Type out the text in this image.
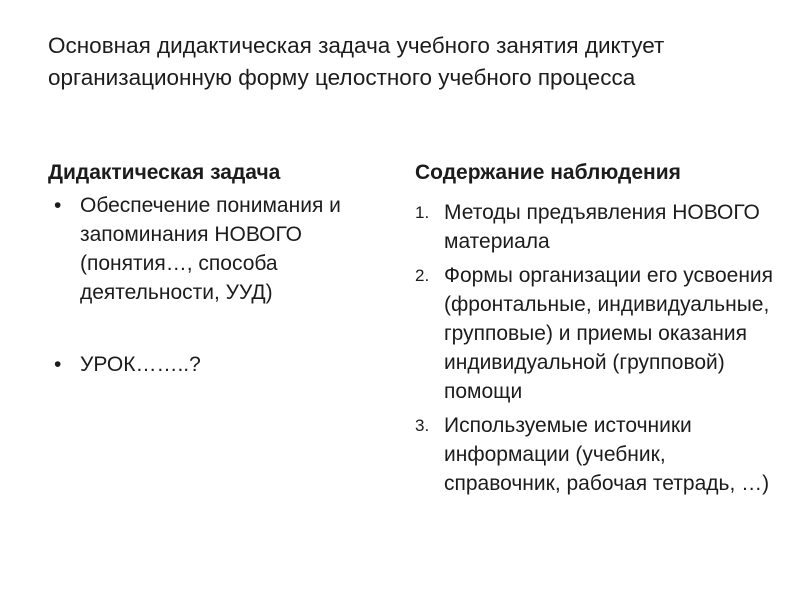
Основная дидактическая задача учебного занятия диктует организационную форму целостного учебного процесса
Дидактическая задача
• Обеспечение понимания и запоминания НОВОГО (понятия…, способа деятельности, УУД)
• УРОК……..?
Содержание наблюдения
1. Методы предъявления НОВОГО материала
2. Формы организации его усвоения (фронтальные, индивидуальные, групповые) и приемы оказания индивидуальной (групповой) помощи
3. Используемые источники информации (учебник, справочник, рабочая тетрадь, …)
